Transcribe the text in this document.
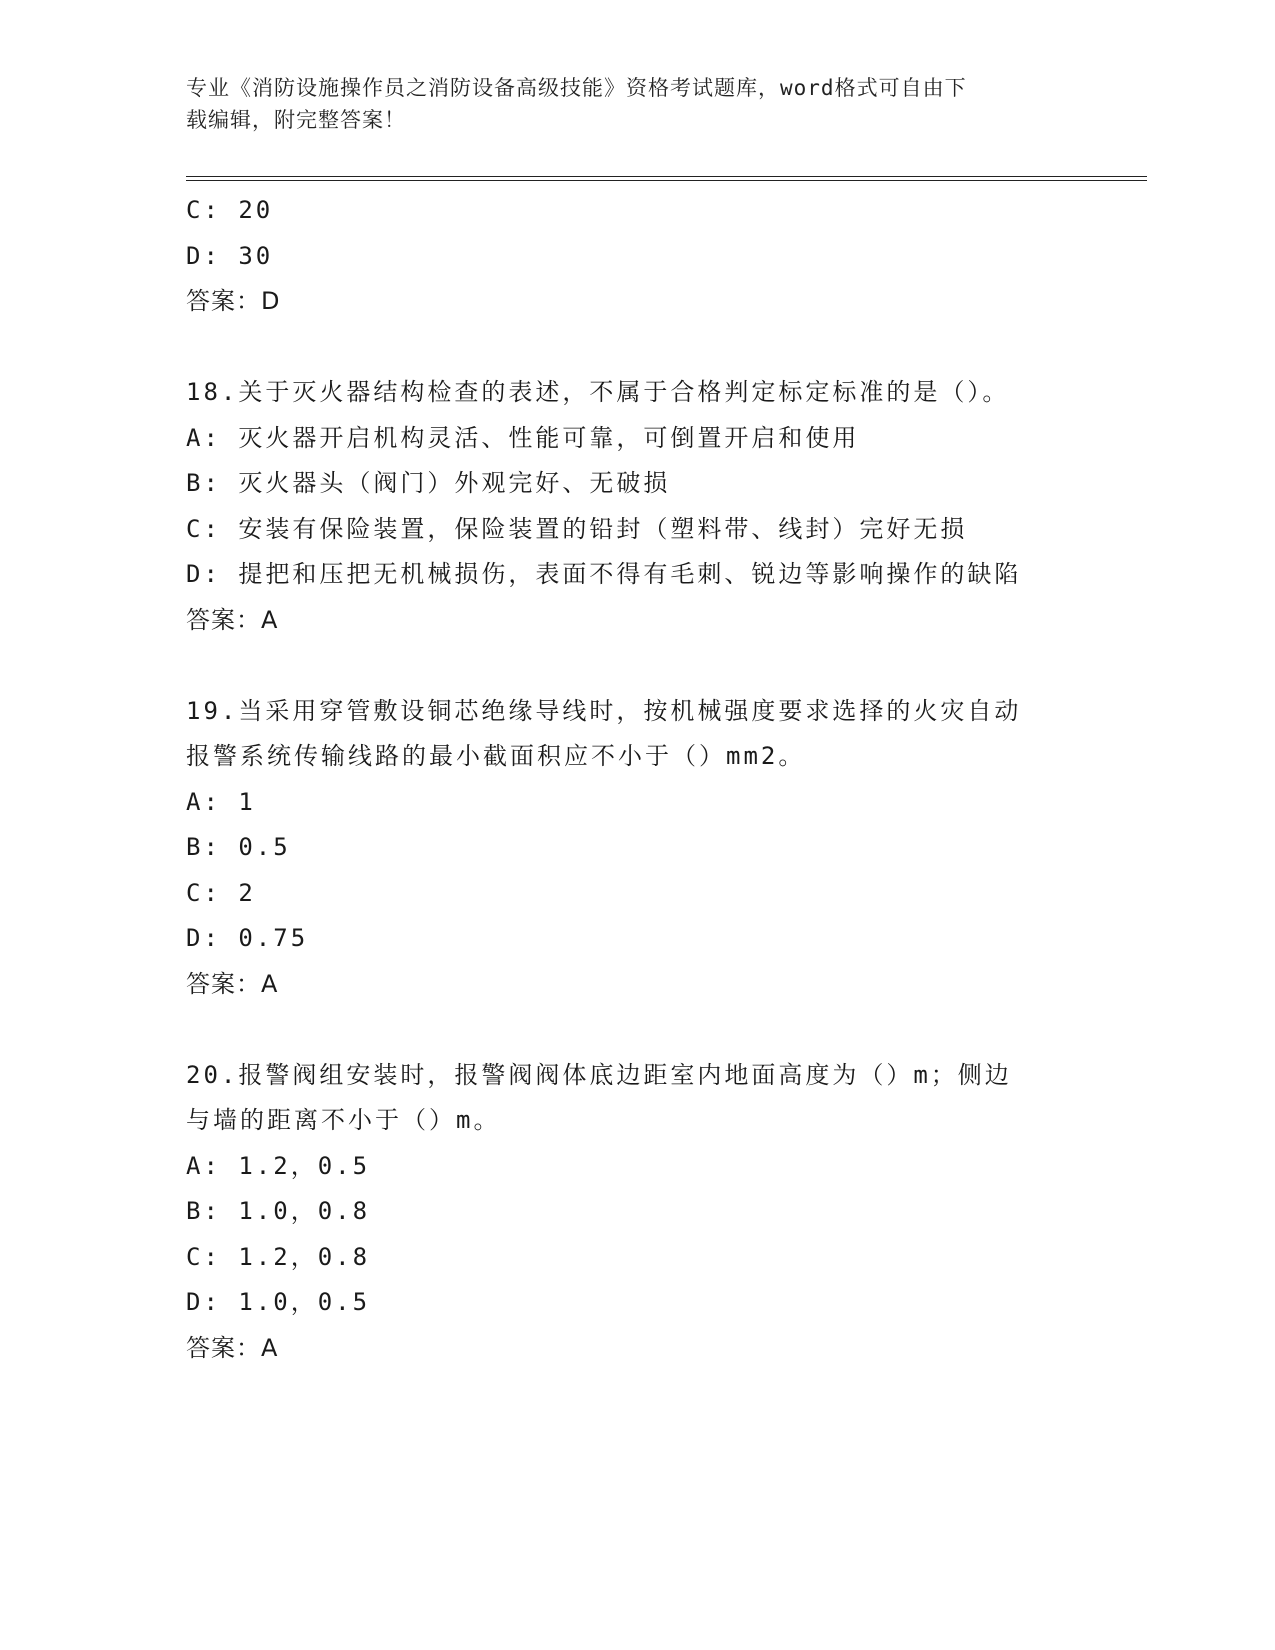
专业《消防设施操作员之消防设备高级技能》资格考试题库，word格式可自由下
载编辑，附完整答案！
C: 20
D: 30
答案：D
18.关于灭火器结构检查的表述，不属于合格判定标定标准的是（）。
A: 灭火器开启机构灵活、性能可靠，可倒置开启和使用
B: 灭火器头（阀门）外观完好、无破损
C: 安装有保险装置，保险装置的铅封（塑料带、线封）完好无损
D: 提把和压把无机械损伤，表面不得有毛刺、锐边等影响操作的缺陷
答案：A
19.当采用穿管敷设铜芯绝缘导线时，按机械强度要求选择的火灾自动
报警系统传输线路的最小截面积应不小于（）mm2。
A: 1
B: 0.5
C: 2
D: 0.75
答案：A
20.报警阀组安装时，报警阀阀体底边距室内地面高度为（）m；侧边
与墙的距离不小于（）m。
A: 1.2，0.5
B: 1.0，0.8
C: 1.2，0.8
D: 1.0，0.5
答案：A
